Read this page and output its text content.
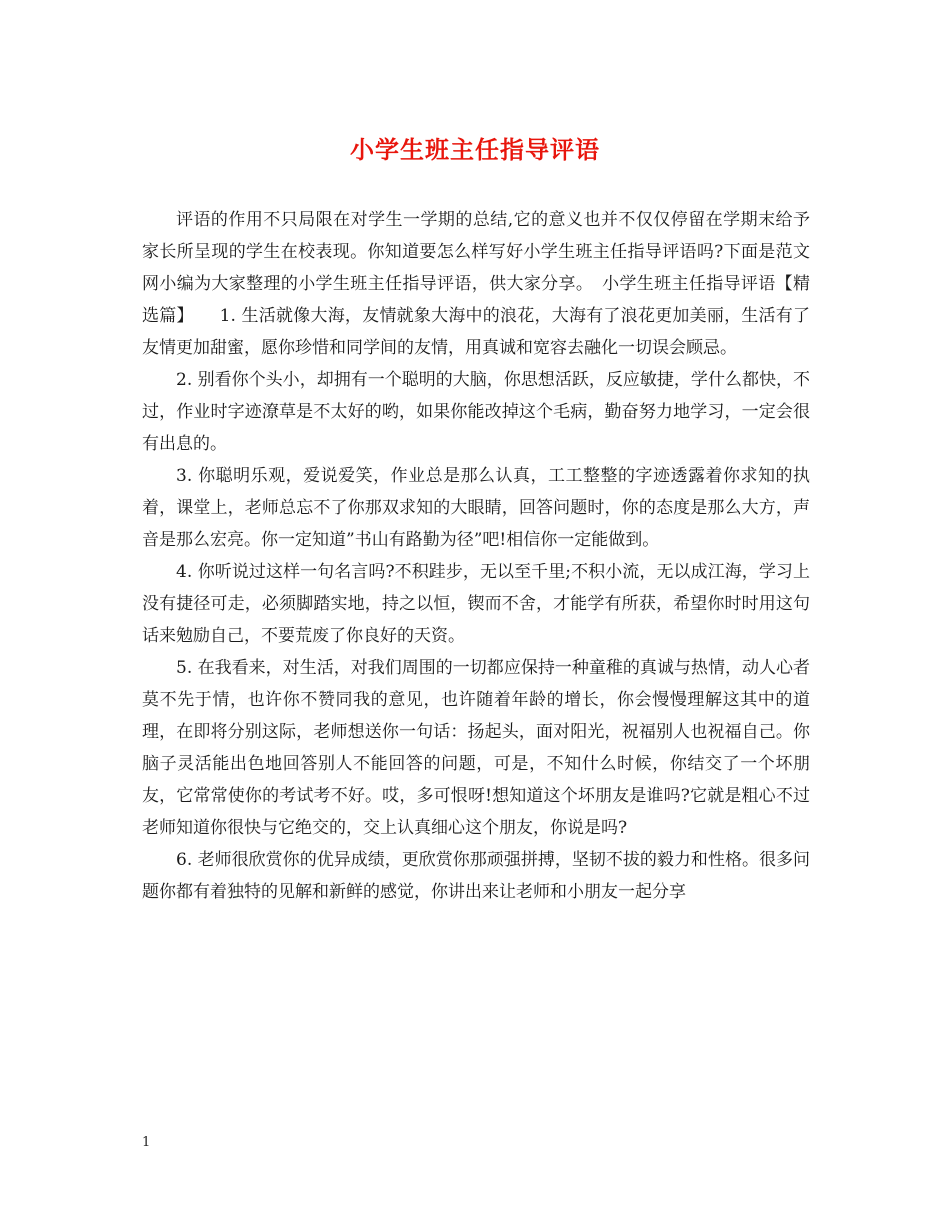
小学生班主任指导评语

评语的作用不只局限在对学生一学期的总结,它的意义也并不仅仅停留在学期末给予家长所呈现的学生在校表现。你知道要怎么样写好小学生班主任指导评语吗?下面是范文网小编为大家整理的小学生班主任指导评语，供大家分享。　小学生班主任指导评语【精选篇】　　1. 生活就像大海，友情就象大海中的浪花，大海有了浪花更加美丽，生活有了友情更加甜蜜，愿你珍惜和同学间的友情，用真诚和宽容去融化一切误会顾忌。

2. 别看你个头小，却拥有一个聪明的大脑，你思想活跃，反应敏捷，学什么都快，不过，作业时字迹潦草是不太好的哟，如果你能改掉这个毛病，勤奋努力地学习，一定会很有出息的。

3. 你聪明乐观，爱说爱笑，作业总是那么认真，工工整整的字迹透露着你求知的执着，课堂上，老师总忘不了你那双求知的大眼睛，回答问题时，你的态度是那么大方，声音是那么宏亮。你一定知道”书山有路勤为径”吧!相信你一定能做到。

4. 你听说过这样一句名言吗?不积跬步，无以至千里;不积小流，无以成江海，学习上没有捷径可走，必须脚踏实地，持之以恒，锲而不舍，才能学有所获，希望你时时用这句话来勉励自己，不要荒废了你良好的天资。

5. 在我看来，对生活，对我们周围的一切都应保持一种童稚的真诚与热情，动人心者莫不先于情，也许你不赞同我的意见，也许随着年龄的增长，你会慢慢理解这其中的道理，在即将分别这际，老师想送你一句话：扬起头，面对阳光，祝福别人也祝福自己。你脑子灵活能出色地回答别人不能回答的问题，可是，不知什么时候，你结交了一个坏朋友，它常常使你的考试考不好。哎，多可恨呀!想知道这个坏朋友是谁吗?它就是粗心不过老师知道你很快与它绝交的，交上认真细心这个朋友，你说是吗?

6. 老师很欣赏你的优异成绩，更欣赏你那顽强拼搏，坚韧不拔的毅力和性格。很多问题你都有着独特的见解和新鲜的感觉，你讲出来让老师和小朋友一起分享

1
